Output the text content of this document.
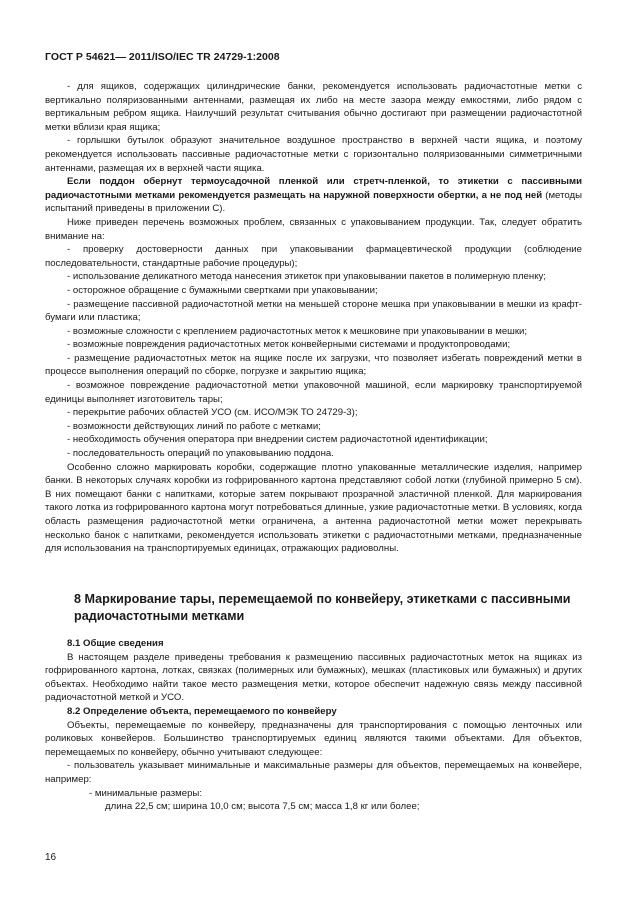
ГОСТ Р 54621— 2011/ISO/IEC TR 24729-1:2008

- для ящиков, содержащих цилиндрические банки, рекомендуется использовать радиочастотные метки с вертикально поляризованными антеннами, размещая их либо на месте зазора между емкостями, либо рядом с вертикальным ребром ящика. Наилучший результат считывания обычно достигают при размещении радиочастотной метки вблизи края ящика;

- горлышки бутылок образуют значительное воздушное пространство в верхней части ящика, и поэтому рекомендуется использовать пассивные радиочастотные метки с горизонтально поляризованными симметричными антеннами, размещая их в верхней части ящика.

Если поддон обернут термоусадочной пленкой или стретч-пленкой, то этикетки с пассивными радиочастотными метками рекомендуется размещать на наружной поверхности обертки, а не под ней (методы испытаний приведены в приложении С).

Ниже приведен перечень возможных проблем, связанных с упаковыванием продукции. Так, следует обратить внимание на:

- проверку достоверности данных при упаковывании фармацевтической продукции (соблюдение последовательности, стандартные рабочие процедуры);

- использование деликатного метода нанесения этикеток при упаковывании пакетов в полимерную пленку;

- осторожное обращение с бумажными свертками при упаковывании;

- размещение пассивной радиочастотной метки на меньшей стороне мешка при упаковывании в мешки из крафт-бумаги или пластика;

- возможные сложности с креплением радиочастотных меток к мешковине при упаковывании в мешки;

- возможные повреждения радиочастотных меток конвейерными системами и продуктопроводами;

- размещение радиочастотных меток на ящике после их загрузки, что позволяет избегать повреждений метки в процессе выполнения операций по сборке, погрузке и закрытию ящика;

- возможное повреждение радиочастотной метки упаковочной машиной, если маркировку транспортируемой единицы выполняет изготовитель тары;

- перекрытие рабочих областей УСО (см. ИСО/МЭК ТО 24729-3);

- возможности действующих линий по работе с метками;

- необходимость обучения оператора при внедрении систем радиочастотной идентификации;

- последовательность операций по упаковыванию поддона.

Особенно сложно маркировать коробки, содержащие плотно упакованные металлические изделия, например банки. В некоторых случаях коробки из гофрированного картона представляют собой лотки (глубиной примерно 5 см). В них помещают банки с напитками, которые затем покрывают прозрачной эластичной пленкой. Для маркирования такого лотка из гофрированного картона могут потребоваться длинные, узкие радиочастотные метки. В условиях, когда область размещения радиочастотной метки ограничена, а антенна радиочастотной метки может перекрывать несколько банок с напитками, рекомендуется использовать этикетки с радиочастотными метками, предназначенные для использования на транспортируемых единицах, отражающих радиоволны.

8 Маркирование тары, перемещаемой по конвейеру, этикетками с пассивными радиочастотными метками

8.1 Общие сведения

В настоящем разделе приведены требования к размещению пассивных радиочастотных меток на ящиках из гофрированного картона, лотках, связках (полимерных или бумажных), мешках (пластиковых или бумажных) и других объектах. Необходимо найти такое место размещения метки, которое обеспечит надежную связь между пассивной радиочастотной меткой и УСО.

8.2 Определение объекта, перемещаемого по конвейеру

Объекты, перемещаемые по конвейеру, предназначены для транспортирования с помощью ленточных или роликовых конвейеров. Большинство транспортируемых единиц являются такими объектами. Для объектов, перемещаемых по конвейеру, обычно учитывают следующее:

- пользователь указывает минимальные и максимальные размеры для объектов, перемещаемых на конвейере, например:

- минимальные размеры:

длина 22,5 см; ширина 10,0 см; высота 7,5 см; масса 1,8 кг или более;

16
